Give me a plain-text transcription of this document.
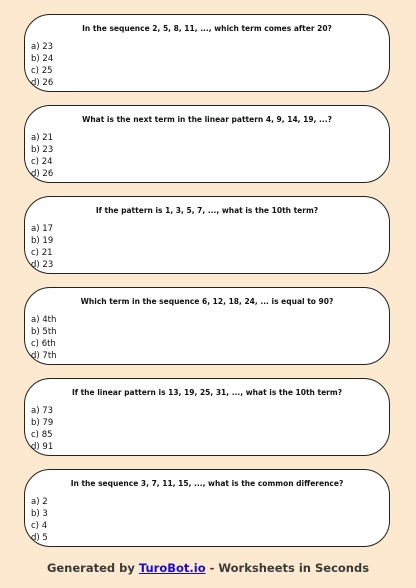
In the sequence 2, 5, 8, 11, ..., which term comes after 20?
a) 23
b) 24
c) 25
d) 26
What is the next term in the linear pattern 4, 9, 14, 19, ...?
a) 21
b) 23
c) 24
d) 26
If the pattern is 1, 3, 5, 7, ..., what is the 10th term?
a) 17
b) 19
c) 21
d) 23
Which term in the sequence 6, 12, 18, 24, ... is equal to 90?
a) 4th
b) 5th
c) 6th
d) 7th
If the linear pattern is 13, 19, 25, 31, ..., what is the 10th term?
a) 73
b) 79
c) 85
d) 91
In the sequence 3, 7, 11, 15, ..., what is the common difference?
a) 2
b) 3
c) 4
d) 5
Generated by TuroBot.io - Worksheets in Seconds
